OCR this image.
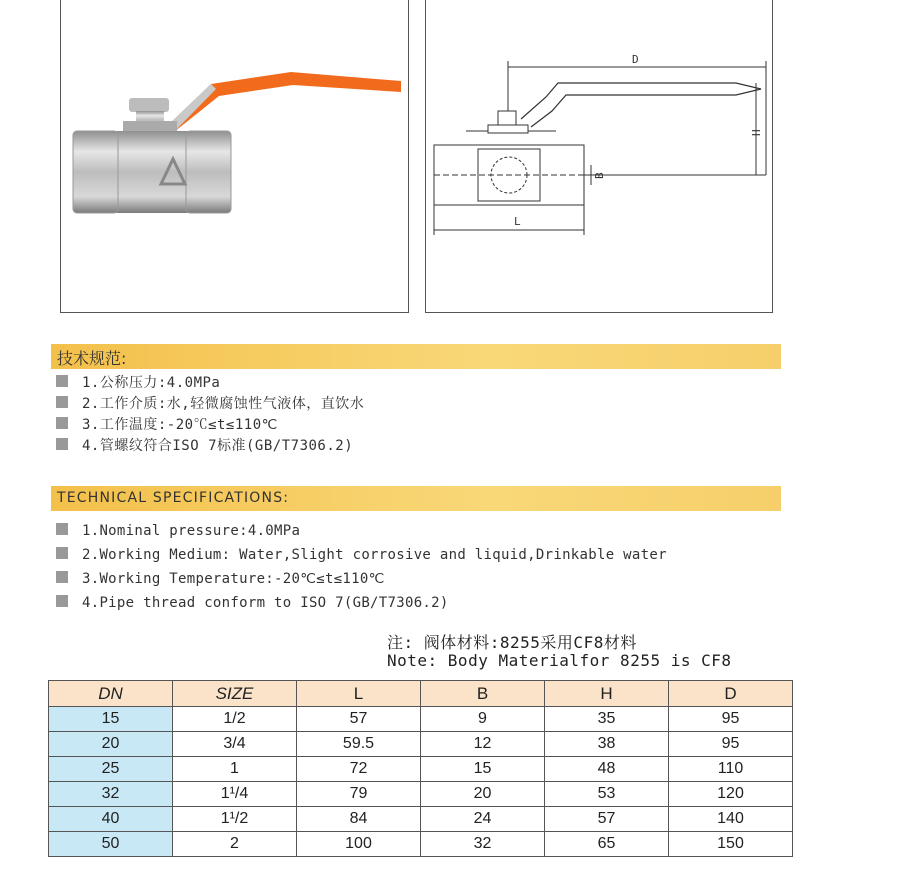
D
H
B
L
技术规范:
1.公称压力:4.0MPa
2.工作介质:水,轻微腐蚀性气液体，直饮水
3.工作温度:-20℃≤t≤110℃
4.管螺纹符合ISO 7标准(GB/T7306.2)
TECHNICAL SPECIFICATIONS:
1.Nominal pressure:4.0MPa
2.Working Medium: Water,Slight corrosive and liquid,Drinkable water
3.Working Temperature:-20℃≤t≤110℃
4.Pipe thread conform to ISO 7(GB/T7306.2)
注: 阀体材料:8255采用CF8材料
Note: Body Materialfor 8255 is CF8
DN	SIZE	L	B	H	D
15	1/2	57	9	35	95
20	3/4	59.5	12	38	95
25	1	72	15	48	110
32	1¹/4	79	20	53	120
40	1¹/2	84	24	57	140
50	2	100	32	65	150
